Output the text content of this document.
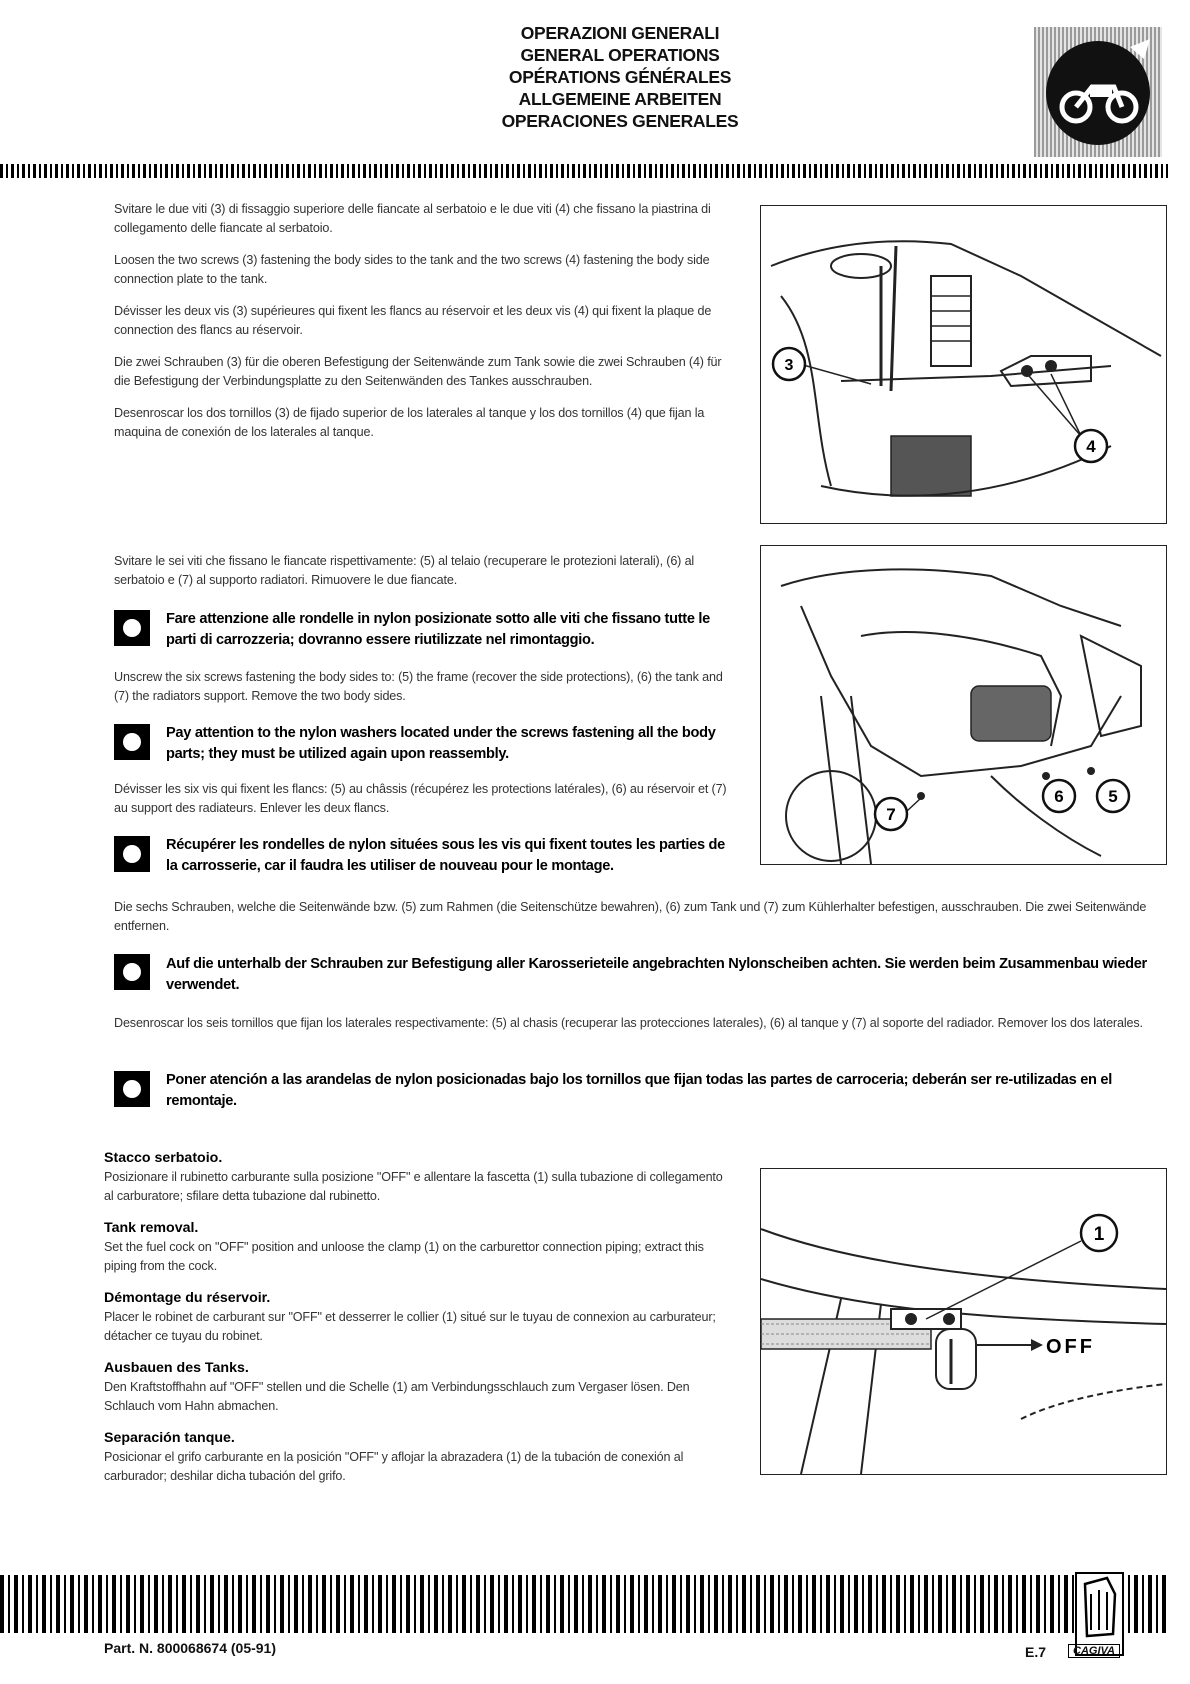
OPERAZIONI GENERALI
GENERAL OPERATIONS
OPÉRATIONS GÉNÉRALES
ALLGEMEINE ARBEITEN
OPERACIONES GENERALES

Svitare le due viti (3) di fissaggio superiore delle fiancate al serbatoio e le due viti (4) che fissano la piastrina di collegamento delle fiancate al serbatoio.

Loosen the two screws (3) fastening the body sides to the tank and the two screws (4) fastening the body side connection plate to the tank.

Dévisser les deux vis (3) supérieures qui fixent les flancs au réservoir et les deux vis (4) qui fixent la plaque de connection des flancs au réservoir.

Die zwei Schrauben (3) für die oberen Befestigung der Seitenwände zum Tank sowie die zwei Schrauben (4) für die Befestigung der Verbindungsplatte zu den Seitenwänden des Tankes ausschrauben.

Desenroscar los dos tornillos (3) de fijado superior de los laterales al tanque y los dos tornillos (4) que fijan la maquina de conexión de los laterales al tanque.

3
4

Svitare le sei viti che fissano le fiancate rispettivamente: (5) al telaio (recuperare le protezioni laterali), (6) al serbatoio e (7) al supporto radiatori. Rimuovere le due fiancate.

Fare attenzione alle rondelle in nylon posizionate sotto alle viti che fissano tutte le parti di carrozzeria; dovranno essere riutilizzate nel rimontaggio.

Unscrew the six screws fastening the body sides to: (5) the frame (recover the side protections), (6) the tank and (7) the radiators support. Remove the two body sides.

Pay attention to the nylon washers located under the screws fastening all the body parts; they must be utilized again upon reassembly.

Dévisser les six vis qui fixent les flancs: (5) au châssis (récupérez les protections latérales), (6) au réservoir et (7) au support des radiateurs. Enlever les deux flancs.

Récupérer les rondelles de nylon situées sous les vis qui fixent toutes les parties de la carrosserie, car il faudra les utiliser de nouveau pour le montage.
7
6	5

Die sechs Schrauben, welche die Seitenwände bzw. (5) zum Rahmen (die Seitenschütze bewahren), (6) zum Tank und (7) zum Kühlerhalter befestigen, ausschrauben. Die zwei Seitenwände entfernen.

Auf die unterhalb der Schrauben zur Befestigung aller Karosserieteile angebrachten Nylonscheiben achten. Sie werden beim Zusammenbau wieder verwendet.

Desenroscar los seis tornillos que fijan los laterales respectivamente: (5) al chasis (recuperar las protecciones laterales), (6) al tanque y (7) al soporte del radiador. Remover los dos laterales.

Poner atención a las arandelas de nylon posicionadas bajo los tornillos que fijan todas las partes de carroceria; deberán ser re-utilizadas en el remontaje.
Stacco serbatoio.

Posizionare il rubinetto carburante sulla posizione "OFF" e allentare la fascetta (1) sulla tubazione di collegamento al carburatore; sfilare detta tubazione dal rubinetto.

Tank removal.

Set the fuel cock on "OFF" position and unloose the clamp (1) on the carburettor connection piping; extract this piping from the cock.

Démontage du réservoir.

Placer le robinet de carburant sur "OFF" et desserrer le collier (1) situé sur le tuyau de connexion au carburateur; détacher ce tuyau du robinet.

Ausbauen des Tanks.

Den Kraftstoffhahn auf "OFF" stellen und die Schelle (1) am Verbindungsschlauch zum Vergaser lösen. Den Schlauch vom Hahn abmachen.

Separación tanque.

Posicionar el grifo carburante en la posición "OFF" y aflojar la abrazadera (1) de la tubación de conexión al carburador; deshilar dicha tubación del grifo.

OFF
1
Part. N. 800068674 (05-91)	E.7	CAGIVA
